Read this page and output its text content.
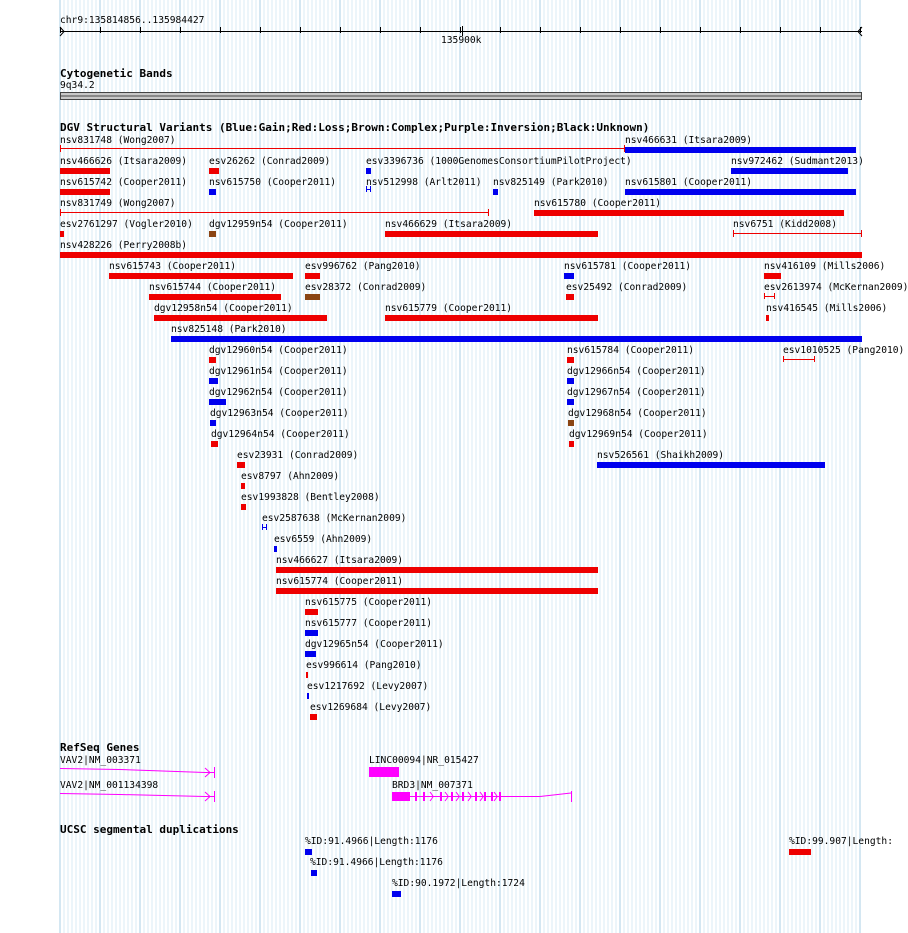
chr9:135814856..135984427
135900k
Cytogenetic Bands
9q34.2
DGV Structural Variants (Blue:Gain;Red:Loss;Brown:Complex;Purple:Inversion;Black:Unknown)
nsv831748 (Wong2007)	nsv466631 (Itsara2009)
nsv466626 (Itsara2009) esv26262 (Conrad2009)	esv3396736 (1000GenomesConsortiumPilotProject)	nsv972462 (Sudmant2013)
nsv615742 (Cooper2011) nsv615750 (Cooper2011)	nsv512998 (Arlt2011) nsv825149 (Park2010) nsv615801 (Cooper2011)
nsv831749 (Wong2007)	nsv615780 (Cooper2011)
esv2761297 (Vogler2010) dgv12959n54 (Cooper2011)	nsv466629 (Itsara2009)	nsv6751 (Kidd2008)
nsv428226 (Perry2008b)
nsv615743 (Cooper2011)	esv996762 (Pang2010)	nsv615781 (Cooper2011)	nsv416109 (Mills2006)
nsv615744 (Cooper2011)	esv28372 (Conrad2009)	esv25492 (Conrad2009)	esv2613974 (McKernan2009)
dgv12958n54 (Cooper2011)	nsv615779 (Cooper2011)	nsv416545 (Mills2006)
nsv825148 (Park2010)
dgv12960n54 (Cooper2011)	nsv615784 (Cooper2011)	esv1010525 (Pang2010)
dgv12961n54 (Cooper2011)	dgv12966n54 (Cooper2011)
dgv12962n54 (Cooper2011)	dgv12967n54 (Cooper2011)
dgv12963n54 (Cooper2011)	dgv12968n54 (Cooper2011)
dgv12964n54 (Cooper2011)	dgv12969n54 (Cooper2011)
esv23931 (Conrad2009)	nsv526561 (Shaikh2009)
esv8797 (Ahn2009)
esv1993828 (Bentley2008)
esv2587638 (McKernan2009)
esv6559 (Ahn2009)
nsv466627 (Itsara2009)
nsv615774 (Cooper2011)
nsv615775 (Cooper2011)
nsv615777 (Cooper2011)
dgv12965n54 (Cooper2011)
esv996614 (Pang2010)
esv1217692 (Levy2007)
esv1269684 (Levy2007)
RefSeq Genes
VAV2|NM_003371	LINC00094|NR_015427
VAV2|NM_001134398	BRD3|NM_007371
UCSC segmental duplications
%ID:91.4966|Length:1176	%ID:99.907|Length:
%ID:91.4966|Length:1176
%ID:90.1972|Length:1724
